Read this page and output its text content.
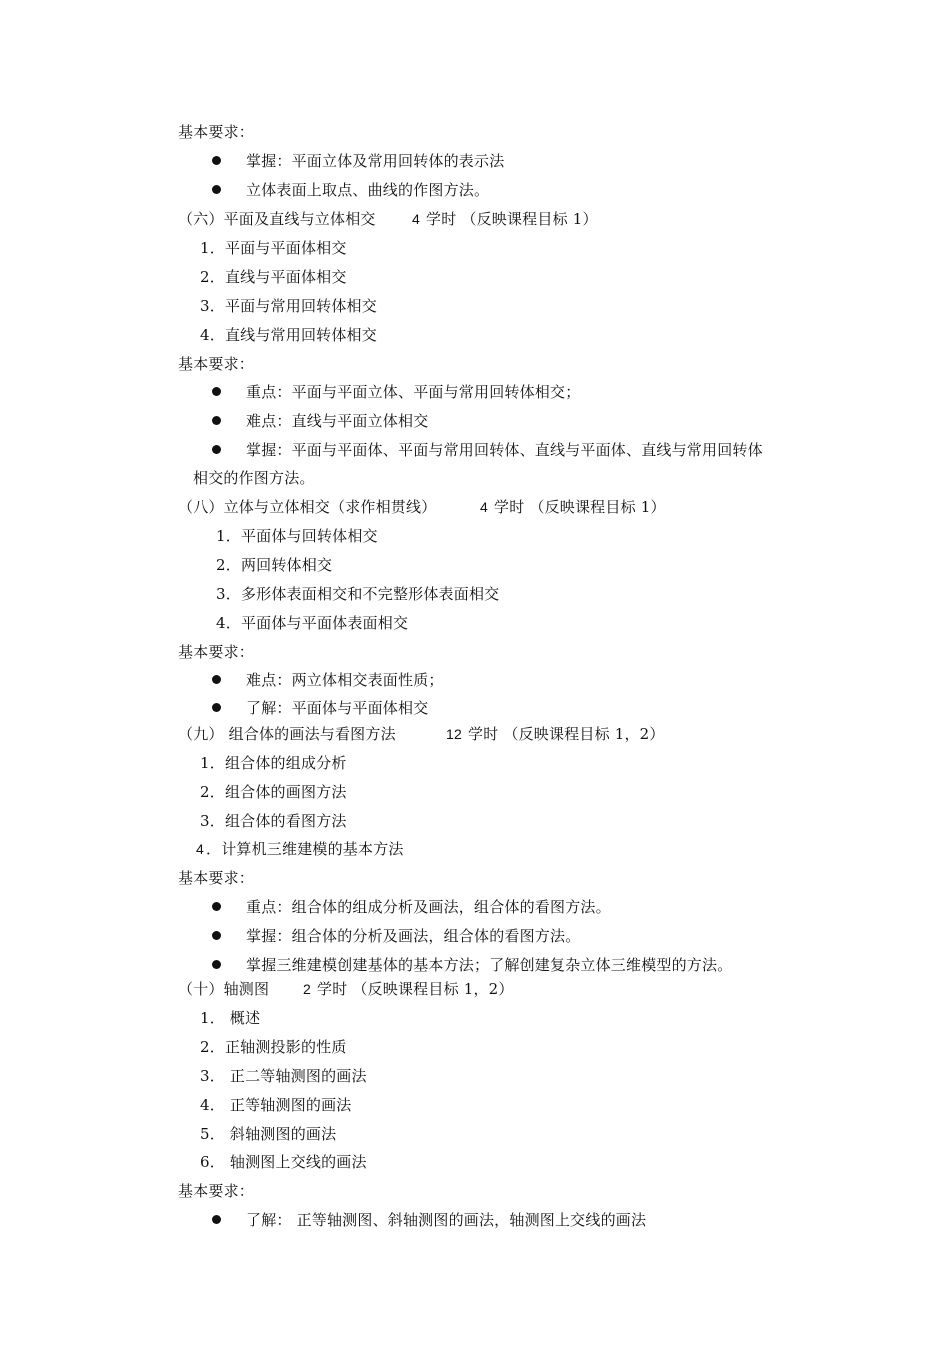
基本要求：
掌握：平面立体及常用回转体的表示法
立体表面上取点、曲线的作图方法。
（六）平面及直线与立体相交	4 学时 （反映课程目标 1）
1．平面与平面体相交
2．直线与平面体相交
3．平面与常用回转体相交
4．直线与常用回转体相交
基本要求：
重点：平面与平面立体、平面与常用回转体相交；
难点：直线与平面立体相交
掌握：平面与平面体、平面与常用回转体、直线与平面体、直线与常用回转体
相交的作图方法。
（八）立体与立体相交（求作相贯线）	4 学时 （反映课程目标 1）
1．平面体与回转体相交
2．两回转体相交
3．多形体表面相交和不完整形体表面相交
4．平面体与平面体表面相交
基本要求：
难点：两立体相交表面性质；
了解：平面体与平面体相交
（九） 组合体的画法与看图方法	12 学时 （反映课程目标 1，2）
1．组合体的组成分析
2．组合体的画图方法
3．组合体的看图方法
4 ．计算机三维建模的基本方法
基本要求：
重点：组合体的组成分析及画法，组合体的看图方法。
掌握：组合体的分析及画法，组合体的看图方法。
掌握三维建模创建基体的基本方法；了解创建复杂立体三维模型的方法。
（十）轴测图 2 学时 （反映课程目标 1，2）
1． 概述
2．正轴测投影的性质
3． 正二等轴测图的画法
4． 正等轴测图的画法
5． 斜轴测图的画法
6． 轴测图上交线的画法
基本要求：
了解： 正等轴测图、斜轴测图的画法，轴测图上交线的画法
